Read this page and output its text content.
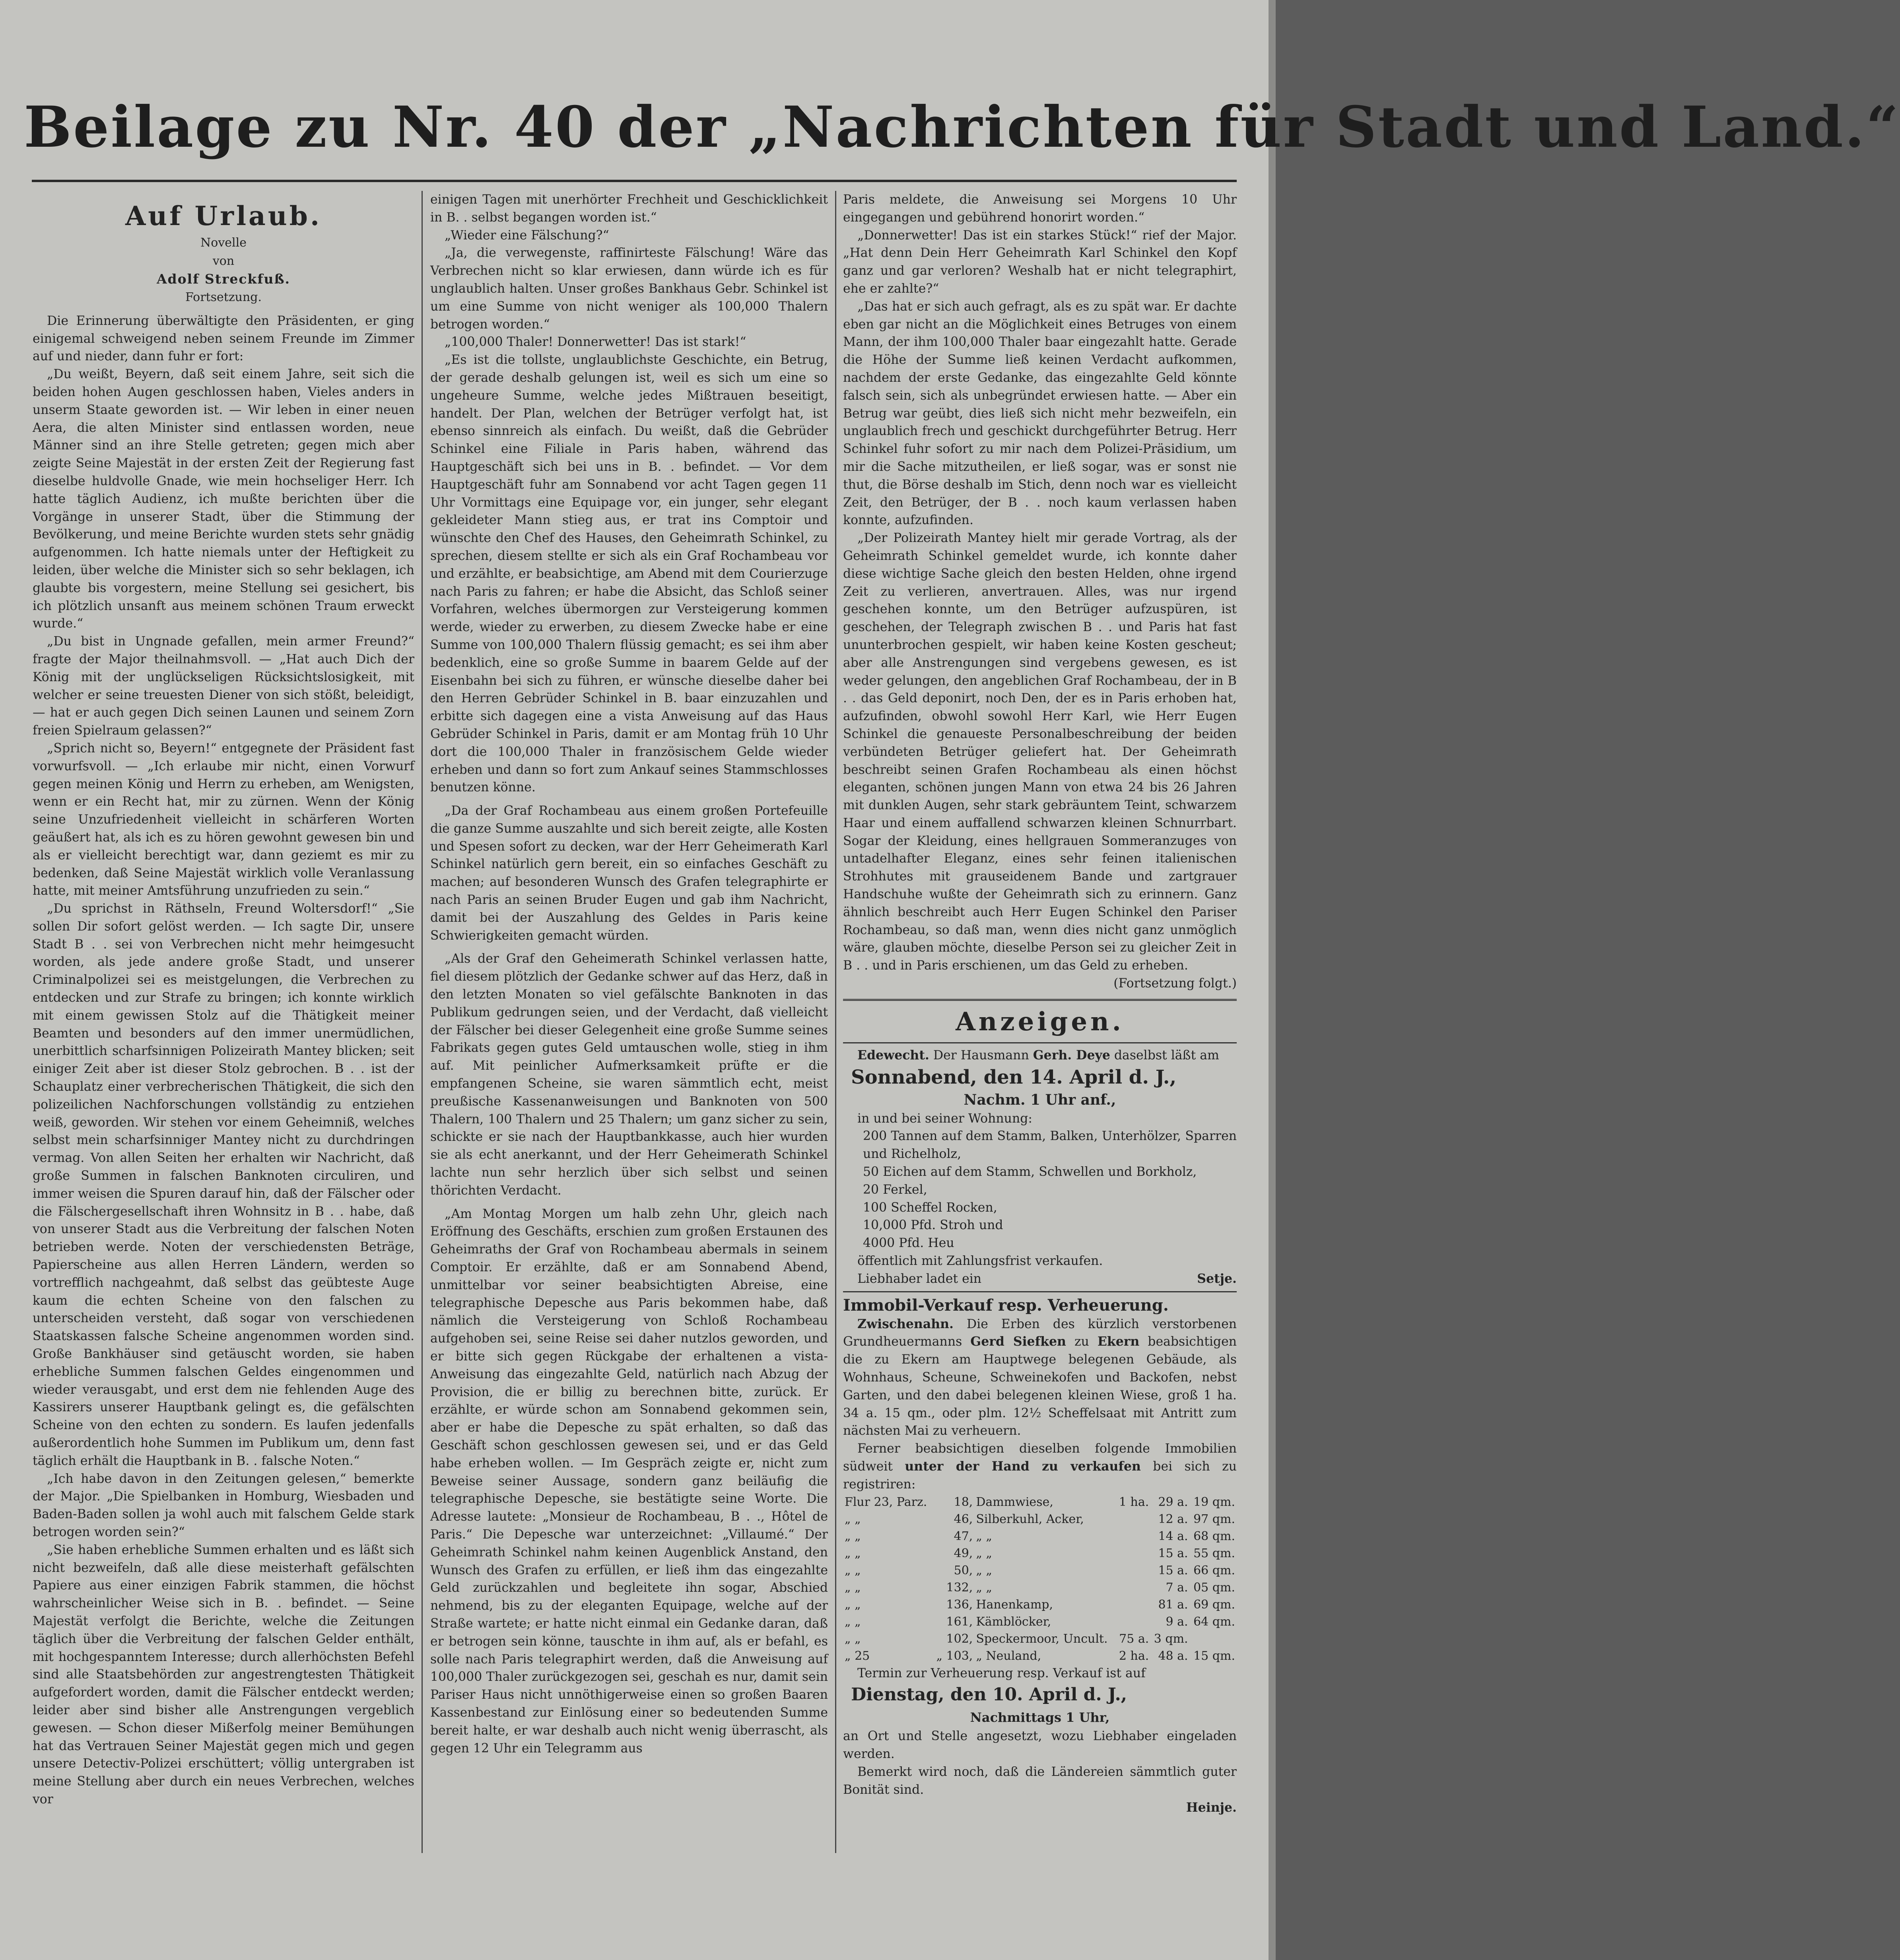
Beilage zu Nr. 40 der „Nachrichten für Stadt und Land.“
Auf Urlaub.

Novelle

von

Adolf Streckfuß.

Fortsetzung.

Die Erinnerung überwältigte den Präsidenten, er ging einigemal schweigend neben seinem Freunde im Zimmer auf und nieder, dann fuhr er fort:

„Du weißt, Beyern, daß seit einem Jahre, seit sich die beiden hohen Augen geschlossen haben, Vieles anders in unserm Staate geworden ist. — Wir leben in einer neuen Aera, die alten Minister sind entlassen worden, neue Männer sind an ihre Stelle getreten; gegen mich aber zeigte Seine Majestät in der ersten Zeit der Regierung fast dieselbe huldvolle Gnade, wie mein hochseliger Herr. Ich hatte täglich Audienz, ich mußte berichten über die Vorgänge in unserer Stadt, über die Stimmung der Bevölkerung, und meine Berichte wurden stets sehr gnädig aufgenommen. Ich hatte niemals unter der Heftigkeit zu leiden, über welche die Minister sich so sehr beklagen, ich glaubte bis vorgestern, meine Stellung sei gesichert, bis ich plötzlich unsanft aus meinem schönen Traum erweckt wurde.“

„Du bist in Ungnade gefallen, mein armer Freund?“ fragte der Major theilnahmsvoll. — „Hat auch Dich der König mit der unglückseligen Rücksichtslosigkeit, mit welcher er seine treuesten Diener von sich stößt, beleidigt, — hat er auch gegen Dich seinen Launen und seinem Zorn freien Spielraum gelassen?“

„Sprich nicht so, Beyern!“ entgegnete der Präsident fast vorwurfsvoll. — „Ich erlaube mir nicht, einen Vorwurf gegen meinen König und Herrn zu erheben, am Wenigsten, wenn er ein Recht hat, mir zu zürnen. Wenn der König seine Unzufriedenheit vielleicht in schärferen Worten geäußert hat, als ich es zu hören gewohnt gewesen bin und als er vielleicht berechtigt war, dann geziemt es mir zu bedenken, daß Seine Majestät wirklich volle Veranlassung hatte, mit meiner Amtsführung unzufrieden zu sein.“

„Du sprichst in Räthseln, Freund Woltersdorf!“ „Sie sollen Dir sofort gelöst werden. — Ich sagte Dir, unsere Stadt B . . sei von Verbrechen nicht mehr heimgesucht worden, als jede andere große Stadt, und unserer Criminalpolizei sei es meistgelungen, die Verbrechen zu entdecken und zur Strafe zu bringen; ich konnte wirklich mit einem gewissen Stolz auf die Thätigkeit meiner Beamten und besonders auf den immer unermüdlichen, unerbittlich scharfsinnigen Polizeirath Mantey blicken; seit einiger Zeit aber ist dieser Stolz gebrochen. B . . ist der Schauplatz einer verbrecherischen Thätigkeit, die sich den polizeilichen Nachforschungen vollständig zu entziehen weiß, geworden. Wir stehen vor einem Geheimniß, welches selbst mein scharfsinniger Mantey nicht zu durchdringen vermag. Von allen Seiten her erhalten wir Nachricht, daß große Summen in falschen Banknoten circuliren, und immer weisen die Spuren darauf hin, daß der Fälscher oder die Fälschergesellschaft ihren Wohnsitz in B . . habe, daß von unserer Stadt aus die Verbreitung der falschen Noten betrieben werde. Noten der verschiedensten Beträge, Papierscheine aus allen Herren Ländern, werden so vortrefflich nachgeahmt, daß selbst das geübteste Auge kaum die echten Scheine von den falschen zu unterscheiden versteht, daß sogar von verschiedenen Staatskassen falsche Scheine angenommen worden sind. Große Bankhäuser sind getäuscht worden, sie haben erhebliche Summen falschen Geldes eingenommen und wieder verausgabt, und erst dem nie fehlenden Auge des Kassirers unserer Hauptbank gelingt es, die gefälschten Scheine von den echten zu sondern. Es laufen jedenfalls außerordentlich hohe Summen im Publikum um, denn fast täglich erhält die Hauptbank in B. . falsche Noten.“

„Ich habe davon in den Zeitungen gelesen,“ bemerkte der Major. „Die Spielbanken in Homburg, Wiesbaden und Baden-Baden sollen ja wohl auch mit falschem Gelde stark betrogen worden sein?“

„Sie haben erhebliche Summen erhalten und es läßt sich nicht bezweifeln, daß alle diese meisterhaft gefälschten Papiere aus einer einzigen Fabrik stammen, die höchst wahrscheinlicher Weise sich in B. . befindet. — Seine Majestät verfolgt die Berichte, welche die Zeitungen täglich über die Verbreitung der falschen Gelder enthält, mit hochgespanntem Interesse; durch allerhöchsten Befehl sind alle Staatsbehörden zur angestrengtesten Thätigkeit aufgefordert worden, damit die Fälscher entdeckt werden; leider aber sind bisher alle Anstrengungen vergeblich gewesen. — Schon dieser Mißerfolg meiner Bemühungen hat das Vertrauen Seiner Majestät gegen mich und gegen unsere Detectiv-Polizei erschüttert; völlig untergraben ist meine Stellung aber durch ein neues Verbrechen, welches vor

einigen Tagen mit unerhörter Frechheit und Geschicklichkeit in B. . selbst begangen worden ist.“

„Wieder eine Fälschung?“

„Ja, die verwegenste, raffinirteste Fälschung! Wäre das Verbrechen nicht so klar erwiesen, dann würde ich es für unglaublich halten. Unser großes Bankhaus Gebr. Schinkel ist um eine Summe von nicht weniger als 100,000 Thalern betrogen worden.“

„100,000 Thaler! Donnerwetter! Das ist stark!“

„Es ist die tollste, unglaublichste Geschichte, ein Betrug, der gerade deshalb gelungen ist, weil es sich um eine so ungeheure Summe, welche jedes Mißtrauen beseitigt, handelt. Der Plan, welchen der Betrüger verfolgt hat, ist ebenso sinnreich als einfach. Du weißt, daß die Gebrüder Schinkel eine Filiale in Paris haben, während das Hauptgeschäft sich bei uns in B. . befindet. — Vor dem Hauptgeschäft fuhr am Sonnabend vor acht Tagen gegen 11 Uhr Vormittags eine Equipage vor, ein junger, sehr elegant gekleideter Mann stieg aus, er trat ins Comptoir und wünschte den Chef des Hauses, den Geheimrath Schinkel, zu sprechen, diesem stellte er sich als ein Graf Rochambeau vor und erzählte, er beabsichtige, am Abend mit dem Courierzuge nach Paris zu fahren; er habe die Absicht, das Schloß seiner Vorfahren, welches übermorgen zur Versteigerung kommen werde, wieder zu erwerben, zu diesem Zwecke habe er eine Summe von 100,000 Thalern flüssig gemacht; es sei ihm aber bedenklich, eine so große Summe in baarem Gelde auf der Eisenbahn bei sich zu führen, er wünsche dieselbe daher bei den Herren Gebrüder Schinkel in B. baar einzuzahlen und erbitte sich dagegen eine a vista Anweisung auf das Haus Gebrüder Schinkel in Paris, damit er am Montag früh 10 Uhr dort die 100,000 Thaler in französischem Gelde wieder erheben und dann so fort zum Ankauf seines Stammschlosses benutzen könne.

„Da der Graf Rochambeau aus einem großen Portefeuille die ganze Summe auszahlte und sich bereit zeigte, alle Kosten und Spesen sofort zu decken, war der Herr Geheimerath Karl Schinkel natürlich gern bereit, ein so einfaches Geschäft zu machen; auf besonderen Wunsch des Grafen telegraphirte er nach Paris an seinen Bruder Eugen und gab ihm Nachricht, damit bei der Auszahlung des Geldes in Paris keine Schwierigkeiten gemacht würden.

„Als der Graf den Geheimerath Schinkel verlassen hatte, fiel diesem plötzlich der Gedanke schwer auf das Herz, daß in den letzten Monaten so viel gefälschte Banknoten in das Publikum gedrungen seien, und der Verdacht, daß vielleicht der Fälscher bei dieser Gelegenheit eine große Summe seines Fabrikats gegen gutes Geld umtauschen wolle, stieg in ihm auf. Mit peinlicher Aufmerksamkeit prüfte er die empfangenen Scheine, sie waren sämmtlich echt, meist preußische Kassenanweisungen und Banknoten von 500 Thalern, 100 Thalern und 25 Thalern; um ganz sicher zu sein, schickte er sie nach der Hauptbankkasse, auch hier wurden sie als echt anerkannt, und der Herr Geheimerath Schinkel lachte nun sehr herzlich über sich selbst und seinen thörichten Verdacht.

„Am Montag Morgen um halb zehn Uhr, gleich nach Eröffnung des Geschäfts, erschien zum großen Erstaunen des Geheimraths der Graf von Rochambeau abermals in seinem Comptoir. Er erzählte, daß er am Sonnabend Abend, unmittelbar vor seiner beabsichtigten Abreise, eine telegraphische Depesche aus Paris bekommen habe, daß nämlich die Versteigerung von Schloß Rochambeau aufgehoben sei, seine Reise sei daher nutzlos geworden, und er bitte sich gegen Rückgabe der erhaltenen a vista-Anweisung das eingezahlte Geld, natürlich nach Abzug der Provision, die er billig zu berechnen bitte, zurück. Er erzählte, er würde schon am Sonnabend gekommen sein, aber er habe die Depesche zu spät erhalten, so daß das Geschäft schon geschlossen gewesen sei, und er das Geld habe erheben wollen. — Im Gespräch zeigte er, nicht zum Beweise seiner Aussage, sondern ganz beiläufig die telegraphische Depesche, sie bestätigte seine Worte. Die Adresse lautete: „Monsieur de Rochambeau, B . ., Hôtel de Paris.“ Die Depesche war unterzeichnet: „Villaumé.“ Der Geheimrath Schinkel nahm keinen Augenblick Anstand, den Wunsch des Grafen zu erfüllen, er ließ ihm das eingezahlte Geld zurückzahlen und begleitete ihn sogar, Abschied nehmend, bis zu der eleganten Equipage, welche auf der Straße wartete; er hatte nicht einmal ein Gedanke daran, daß er betrogen sein könne, tauschte in ihm auf, als er befahl, es solle nach Paris telegraphirt werden, daß die Anweisung auf 100,000 Thaler zurückgezogen sei, geschah es nur, damit sein Pariser Haus nicht unnöthigerweise einen so großen Baaren Kassenbestand zur Einlösung einer so bedeutenden Summe bereit halte, er war deshalb auch nicht wenig überrascht, als gegen 12 Uhr ein Telegramm aus

Paris meldete, die Anweisung sei Morgens 10 Uhr eingegangen und gebührend honorirt worden.“

„Donnerwetter! Das ist ein starkes Stück!“ rief der Major. „Hat denn Dein Herr Geheimrath Karl Schinkel den Kopf ganz und gar verloren? Weshalb hat er nicht telegraphirt, ehe er zahlte?“

„Das hat er sich auch gefragt, als es zu spät war. Er dachte eben gar nicht an die Möglichkeit eines Betruges von einem Mann, der ihm 100,000 Thaler baar eingezahlt hatte. Gerade die Höhe der Summe ließ keinen Verdacht aufkommen, nachdem der erste Gedanke, das eingezahlte Geld könnte falsch sein, sich als unbegründet erwiesen hatte. — Aber ein Betrug war geübt, dies ließ sich nicht mehr bezweifeln, ein unglaublich frech und geschickt durchgeführter Betrug. Herr Schinkel fuhr sofort zu mir nach dem Polizei-Präsidium, um mir die Sache mitzutheilen, er ließ sogar, was er sonst nie thut, die Börse deshalb im Stich, denn noch war es vielleicht Zeit, den Betrüger, der B . . noch kaum verlassen haben konnte, aufzufinden.

„Der Polizeirath Mantey hielt mir gerade Vortrag, als der Geheimrath Schinkel gemeldet wurde, ich konnte daher diese wichtige Sache gleich den besten Helden, ohne irgend Zeit zu verlieren, anvertrauen. Alles, was nur irgend geschehen konnte, um den Betrüger aufzuspüren, ist geschehen, der Telegraph zwischen B . . und Paris hat fast ununterbrochen gespielt, wir haben keine Kosten gescheut; aber alle Anstrengungen sind vergebens gewesen, es ist weder gelungen, den angeblichen Graf Rochambeau, der in B . . das Geld deponirt, noch Den, der es in Paris erhoben hat, aufzufinden, obwohl sowohl Herr Karl, wie Herr Eugen Schinkel die genaueste Personalbeschreibung der beiden verbündeten Betrüger geliefert hat. Der Geheimrath beschreibt seinen Grafen Rochambeau als einen höchst eleganten, schönen jungen Mann von etwa 24 bis 26 Jahren mit dunklen Augen, sehr stark gebräuntem Teint, schwarzem Haar und einem auffallend schwarzen kleinen Schnurrbart. Sogar der Kleidung, eines hellgrauen Sommeranzuges von untadelhafter Eleganz, eines sehr feinen italienischen Strohhutes mit grauseidenem Bande und zartgrauer Handschuhe wußte der Geheimrath sich zu erinnern. Ganz ähnlich beschreibt auch Herr Eugen Schinkel den Pariser Rochambeau, so daß man, wenn dies nicht ganz unmöglich wäre, glauben möchte, dieselbe Person sei zu gleicher Zeit in B . . und in Paris erschienen, um das Geld zu erheben.

(Fortsetzung folgt.)

Anzeigen.

Edewecht. Der Hausmann Gerh. Deye daselbst läßt am

Sonnabend, den 14. April d. J.,

Nachm. 1 Uhr anf.,

in und bei seiner Wohnung:

200 Tannen auf dem Stamm, Balken, Unterhölzer, Sparren und Richelholz,

50 Eichen auf dem Stamm, Schwellen und Borkholz,

20 Ferkel,

100 Scheffel Rocken,

10,000 Pfd. Stroh und

4000 Pfd. Heu

öffentlich mit Zahlungsfrist verkaufen.

Liebhaber ladet ein	Setje.

Immobil-Verkauf resp. Verheuerung.

Zwischenahn. Die Erben des kürzlich verstorbenen Grundheuermanns Gerd Siefken zu Ekern beabsichtigen die zu Ekern am Hauptwege belegenen Gebäude, als Wohnhaus, Scheune, Schweinekofen und Backofen, nebst Garten, und den dabei belegenen kleinen Wiese, groß 1 ha. 34 a. 15 qm., oder plm. 12½ Scheffelsaat mit Antritt zum nächsten Mai zu verheuern.

Ferner beabsichtigen dieselben folgende Immobilien südweit unter der Hand zu verkaufen bei sich zu registriren:

Flur 23, Parz.	18,	Dammwiese,	1 ha.	29 a.	19 qm.
„ „	46,	Silberkuhl, Acker,		12 a.	97 qm.
„ „	47,	„ „		14 a.	68 qm.
„ „	49,	„ „		15 a.	55 qm.
„ „	50,	„ „		15 a.	66 qm.
„ „	132,	„ „		7 a.	05 qm.
„ „	136,	Hanenkamp,		81 a.	69 qm.
„ „	161,	Kämblöcker,		9 a.	64 qm.
„ „	102,	Speckermoor, Uncult.	75 a.	3 qm.	
„ 25	„ 103,	„ Neuland,	2 ha.	48 a.	15 qm.

Termin zur Verheuerung resp. Verkauf ist auf

Dienstag, den 10. April d. J.,

Nachmittags 1 Uhr,

an Ort und Stelle angesetzt, wozu Liebhaber eingeladen werden.

Bemerkt wird noch, daß die Ländereien sämmtlich guter Bonität sind.

Heinje.
